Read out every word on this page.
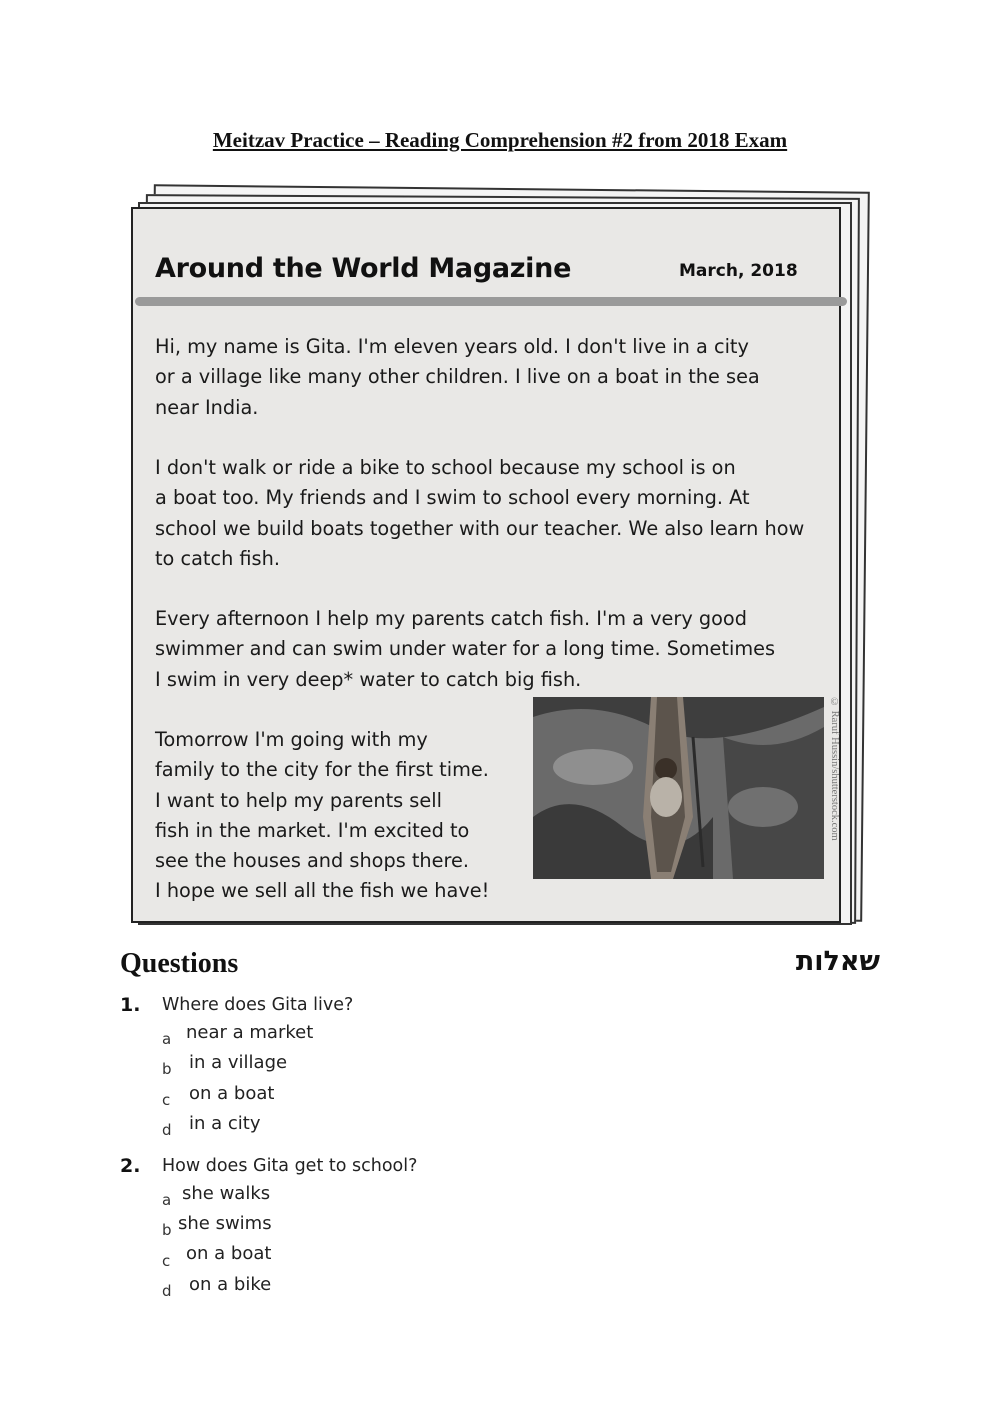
Meitzav Practice – Reading Comprehension #2 from 2018 Exam
Around the World Magazine	March, 2018

Hi, my name is Gita. I'm eleven years old. I don't live in a city
or a village like many other children. I live on a boat in the sea
near India.

I don't walk or ride a bike to school because my school is on
a boat too. My friends and I swim to school every morning. At
school we build boats together with our teacher. We also learn how
to catch fish.

Every afternoon I help my parents catch fish. I'm a very good
swimmer and can swim under water for a long time. Sometimes
I swim in very deep* water to catch big fish.

Tomorrow I'm going with my
family to the city for the first time.
I want to help my parents sell
fish in the market. I'm excited to
see the houses and shops there.
I hope we sell all the fish we have!

© Raruf Hussin/shutterstock.com
Questions	שאלות
1. Where does Gita live?
a near a market
b in a village
c on a boat
d in a city
2. How does Gita get to school?
a she walks
b she swims
c on a boat
d on a bike
